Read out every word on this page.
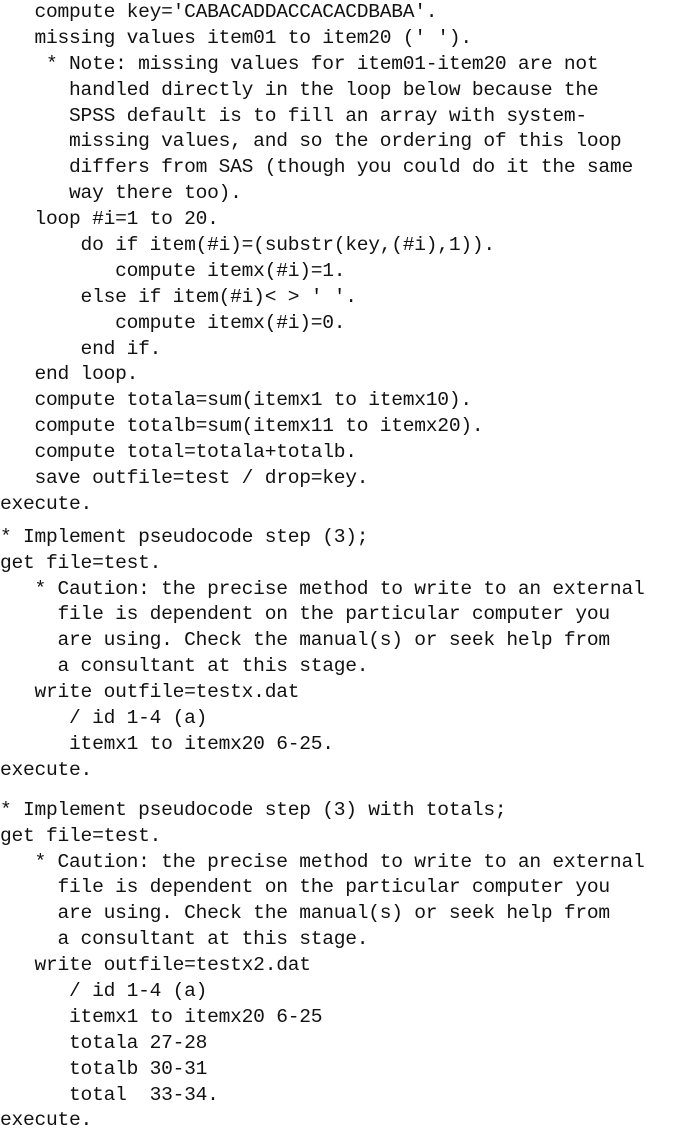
compute key='CABACADDACCACACDBABA'.
missing values item01 to item20 (' ').
* Note: missing values for item01-item20 are not
handled directly in the loop below because the
SPSS default is to fill an array with system-
missing values, and so the ordering of this loop
differs from SAS (though you could do it the same
way there too).
loop #i=1 to 20.
do if item(#i)=(substr(key,(#i),1)).
compute itemx(#i)=1.
else if item(#i)< > ' '.
compute itemx(#i)=0.
end if.
end loop.
compute totala=sum(itemx1 to itemx10).
compute totalb=sum(itemx11 to itemx20).
compute total=totala+totalb.
save outfile=test / drop=key.
execute.
* Implement pseudocode step (3);
get file=test.
* Caution: the precise method to write to an external
file is dependent on the particular computer you
are using. Check the manual(s) or seek help from
a consultant at this stage.
write outfile=testx.dat
/ id 1-4 (a)
itemx1 to itemx20 6-25.
execute.
* Implement pseudocode step (3) with totals;
get file=test.
* Caution: the precise method to write to an external
file is dependent on the particular computer you
are using. Check the manual(s) or seek help from
a consultant at this stage.
write outfile=testx2.dat
/ id 1-4 (a)
itemx1 to itemx20 6-25
totala 27-28
totalb 30-31
total  33-34.
execute.
